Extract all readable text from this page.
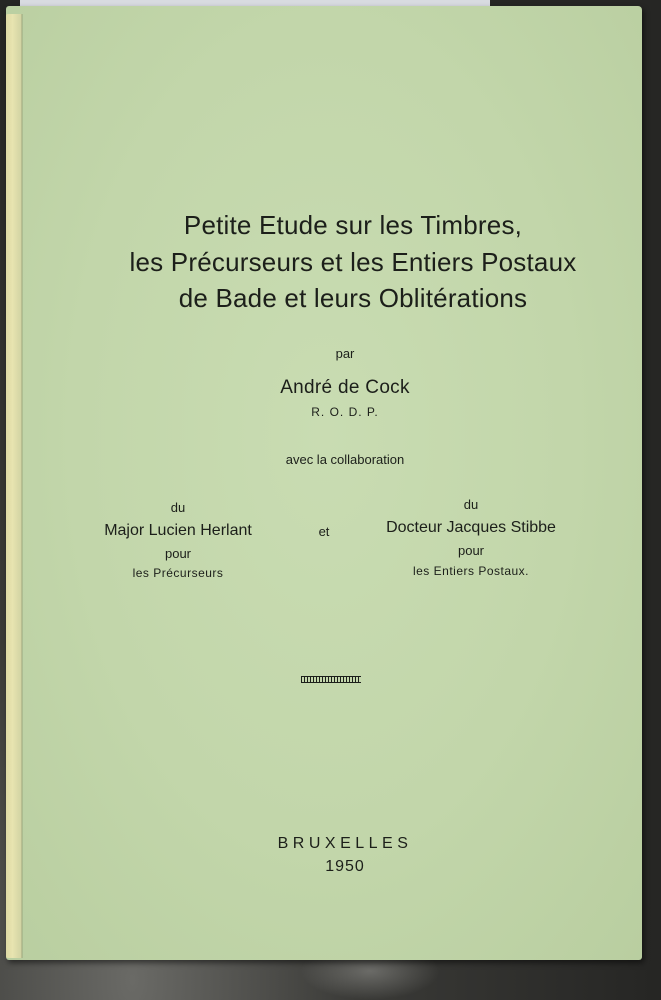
Petite Etude sur les Timbres,
les Précurseurs et les Entiers Postaux
de Bade et leurs Oblitérations
par
André de Cock
R. O. D. P.
avec la collaboration
du
Major Lucien Herlant
pour
les Précurseurs
et
du
Docteur Jacques Stibbe
pour
les Entiers Postaux.
BRUXELLES
1950
